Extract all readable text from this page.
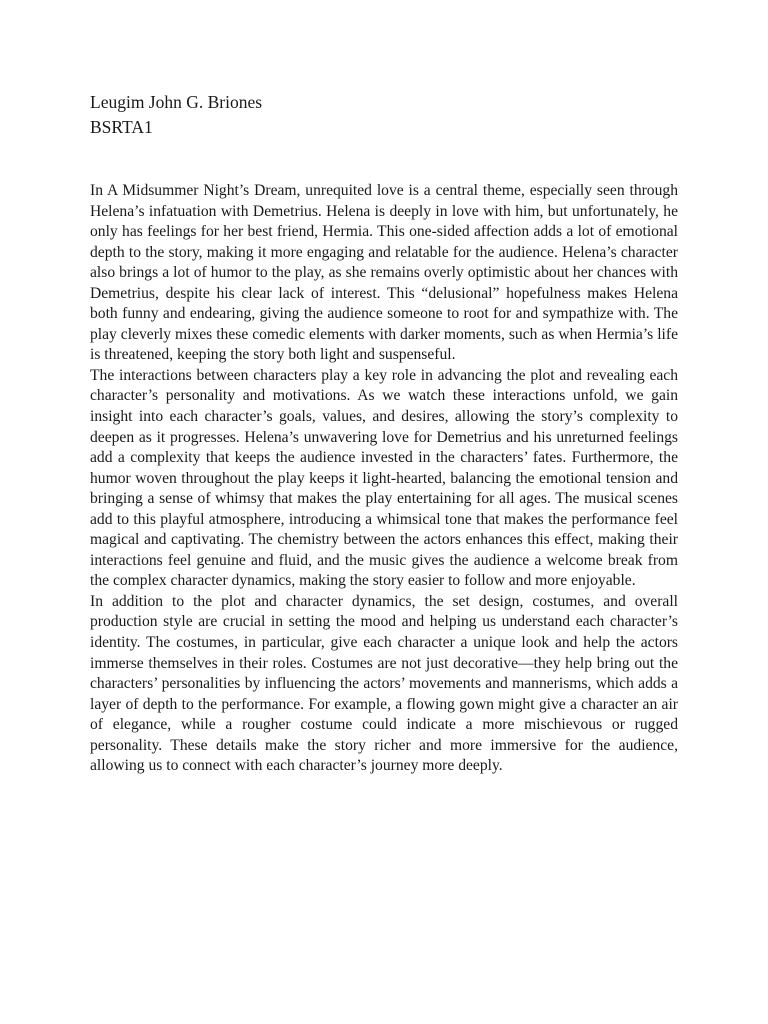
Leugim John G. Briones
BSRTA1

In A Midsummer Night’s Dream, unrequited love is a central theme, especially seen through Helena’s infatuation with Demetrius. Helena is deeply in love with him, but unfortunately, he only has feelings for her best friend, Hermia. This one-sided affection adds a lot of emotional depth to the story, making it more engaging and relatable for the audience. Helena’s character also brings a lot of humor to the play, as she remains overly optimistic about her chances with Demetrius, despite his clear lack of interest. This “delusional” hopefulness makes Helena both funny and endearing, giving the audience someone to root for and sympathize with. The play cleverly mixes these comedic elements with darker moments, such as when Hermia’s life is threatened, keeping the story both light and suspenseful.

The interactions between characters play a key role in advancing the plot and revealing each character’s personality and motivations. As we watch these interactions unfold, we gain insight into each character’s goals, values, and desires, allowing the story’s complexity to deepen as it progresses. Helena’s unwavering love for Demetrius and his unreturned feelings add a complexity that keeps the audience invested in the characters’ fates. Furthermore, the humor woven throughout the play keeps it light-hearted, balancing the emotional tension and bringing a sense of whimsy that makes the play entertaining for all ages. The musical scenes add to this playful atmosphere, introducing a whimsical tone that makes the performance feel magical and captivating. The chemistry between the actors enhances this effect, making their interactions feel genuine and fluid, and the music gives the audience a welcome break from the complex character dynamics, making the story easier to follow and more enjoyable.

In addition to the plot and character dynamics, the set design, costumes, and overall production style are crucial in setting the mood and helping us understand each character’s identity. The costumes, in particular, give each character a unique look and help the actors immerse themselves in their roles. Costumes are not just decorative—they help bring out the characters’ personalities by influencing the actors’ movements and mannerisms, which adds a layer of depth to the performance. For example, a flowing gown might give a character an air of elegance, while a rougher costume could indicate a more mischievous or rugged personality. These details make the story richer and more immersive for the audience, allowing us to connect with each character’s journey more deeply.
